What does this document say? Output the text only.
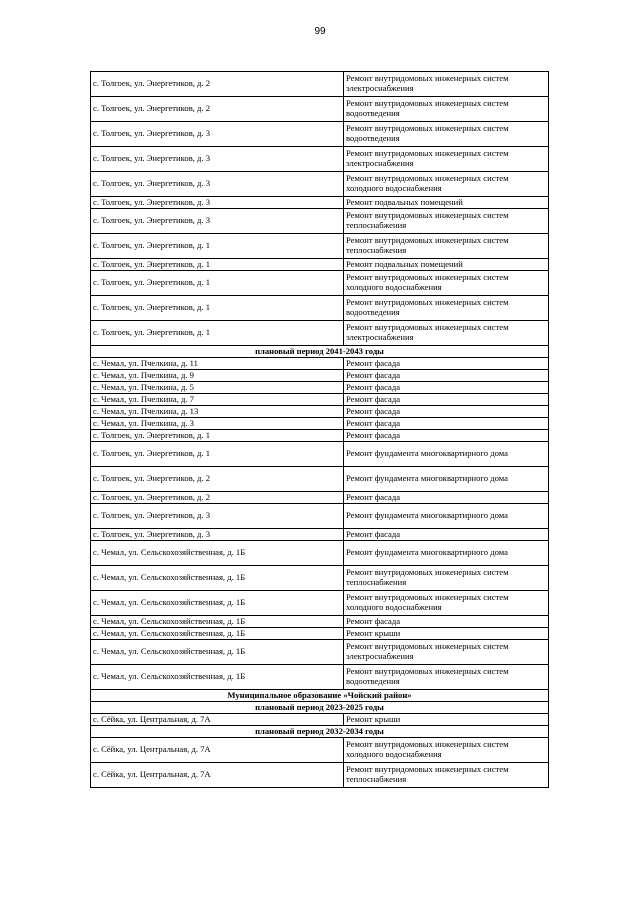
99
с. Толгоек, ул. Энергетиков, д. 2	Ремонт внутридомовых инженерных систем электроснабжения
с. Толгоек, ул. Энергетиков, д. 2	Ремонт внутридомовых инженерных систем водоотведения
с. Толгоек, ул. Энергетиков, д. 3	Ремонт внутридомовых инженерных систем водоотведения
с. Толгоек, ул. Энергетиков, д. 3	Ремонт внутридомовых инженерных систем электроснабжения
с. Толгоек, ул. Энергетиков, д. 3	Ремонт внутридомовых инженерных систем холодного водоснабжения
с. Толгоек, ул. Энергетиков, д. 3	Ремонт подвальных помещений
с. Толгоек, ул. Энергетиков, д. 3	Ремонт внутридомовых инженерных систем теплоснабжения
с. Толгоек, ул. Энергетиков, д. 1	Ремонт внутридомовых инженерных систем теплоснабжения
с. Толгоек, ул. Энергетиков, д. 1	Ремонт подвальных помещений
с. Толгоек, ул. Энергетиков, д. 1	Ремонт внутридомовых инженерных систем холодного водоснабжения
с. Толгоек, ул. Энергетиков, д. 1	Ремонт внутридомовых инженерных систем водоотведения
с. Толгоек, ул. Энергетиков, д. 1	Ремонт внутридомовых инженерных систем электроснабжения
плановый период 2041-2043 годы	
с. Чемал, ул. Пчелкина, д. 11	Ремонт фасада
с. Чемал, ул. Пчелкина, д. 9	Ремонт фасада
с. Чемал, ул. Пчелкина, д. 5	Ремонт фасада
с. Чемал, ул. Пчелкина, д. 7	Ремонт фасада
с. Чемал, ул. Пчелкина, д. 13	Ремонт фасада
с. Чемал, ул. Пчелкина, д. 3	Ремонт фасада
с. Толгоек, ул. Энергетиков, д. 1	Ремонт фасада
с. Толгоек, ул. Энергетиков, д. 1	Ремонт фундамента многоквартирного дома
с. Толгоек, ул. Энергетиков, д. 2	Ремонт фундамента многоквартирного дома
с. Толгоек, ул. Энергетиков, д. 2	Ремонт фасада
с. Толгоек, ул. Энергетиков, д. 3	Ремонт фундамента многоквартирного дома
с. Толгоек, ул. Энергетиков, д. 3	Ремонт фасада
с. Чемал, ул. Сельскохозяйственная, д. 1Б	Ремонт фундамента многоквартирного дома
с. Чемал, ул. Сельскохозяйственная, д. 1Б	Ремонт внутридомовых инженерных систем теплоснабжения
с. Чемал, ул. Сельскохозяйственная, д. 1Б	Ремонт внутридомовых инженерных систем холодного водоснабжения
с. Чемал, ул. Сельскохозяйственная, д. 1Б	Ремонт фасада
с. Чемал, ул. Сельскохозяйственная, д. 1Б	Ремонт крыши
с. Чемал, ул. Сельскохозяйственная, д. 1Б	Ремонт внутридомовых инженерных систем электроснабжения
с. Чемал, ул. Сельскохозяйственная, д. 1Б	Ремонт внутридомовых инженерных систем водоотведения
Муниципальное образование «Чойский район»	
плановый период 2023-2025 годы	
с. Сёйка, ул. Центральная, д. 7А	Ремонт крыши
плановый период 2032-2034 годы	
с. Сёйка, ул. Центральная, д. 7А	Ремонт внутридомовых инженерных систем холодного водоснабжения
с. Сёйка, ул. Центральная, д. 7А	Ремонт внутридомовых инженерных систем теплоснабжения
